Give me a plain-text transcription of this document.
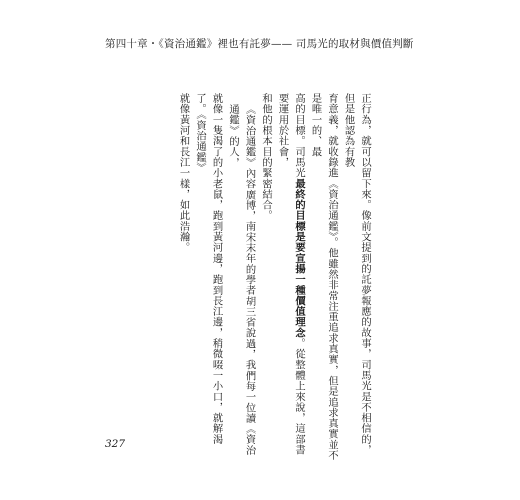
第四十章・《資治通鑑》裡也有託夢—— 司馬光的取材與價值判斷

正行為，就可以留下來。像前文提到的託夢報應的故事，司馬光是不相信的，但是他認為有教

育意義，就收錄進《資治通鑑》。他雖然非常注重追求真實，但是追求真實並不是唯一的、最

高的目標。司馬光最終的目標是要宣揚一種價值理念。從整體上來說，這部書要運用於社會，

和他的根本目的緊密結合。

《資治通鑑》內容廣博，南宋末年的學者胡三省說過，我們每一位讀《資治通鑑》的人，

就像一隻渴了的小老鼠，跑到黃河邊，跑到長江邊，稍微啜一小口，就解渴了。《資治通鑑》

就像黃河和長江一樣，如此浩瀚。

327
